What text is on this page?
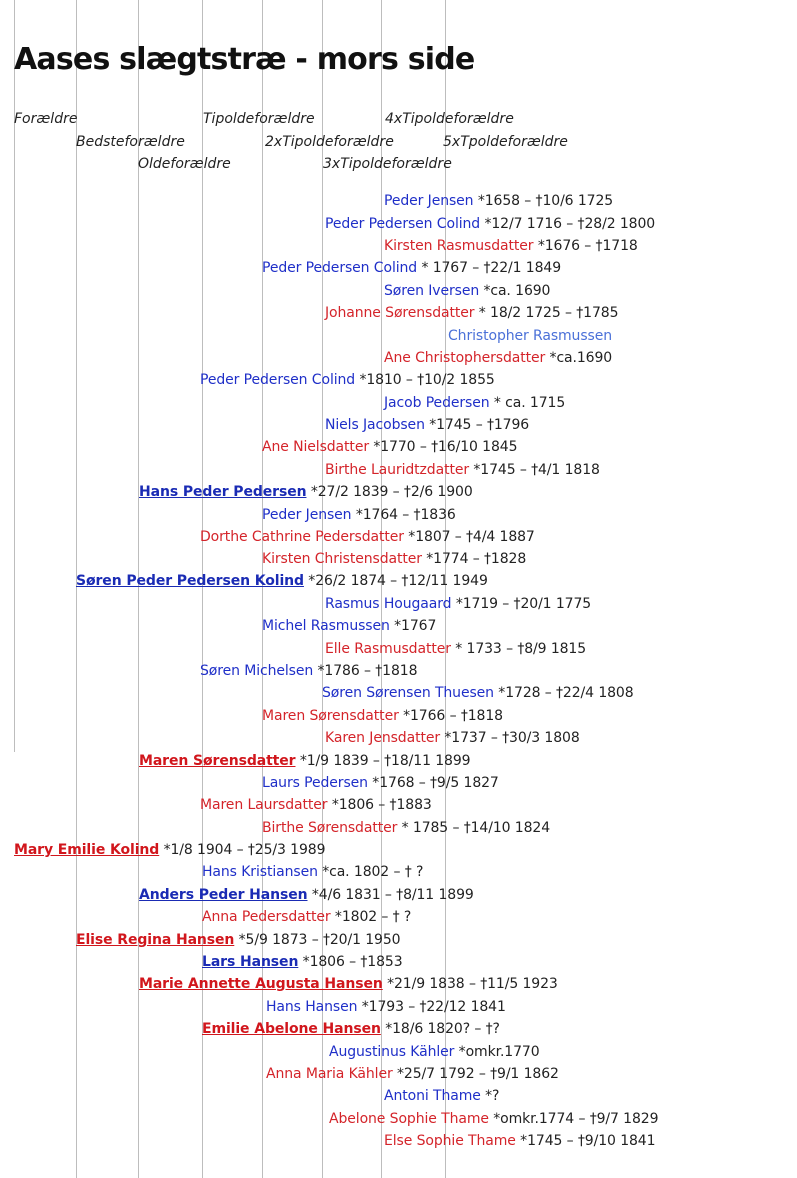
Aases slægtstræ - mors side
Forældre
Bedsteforældre
Oldeforældre
Tipoldeforældre
2xTipoldeforældre
3xTipoldeforældre
4xTipoldeforældre
5xTpoldeforældre
Peder Jensen *1658 – †10/6 1725
Peder Pedersen Colind *12/7 1716 – †28/2 1800
Kirsten Rasmusdatter *1676 – †1718
Peder Pedersen Colind * 1767 – †22/1 1849
Søren Iversen *ca. 1690
Johanne Sørensdatter * 18/2 1725 – †1785
Christopher Rasmussen
Ane Christophersdatter *ca.1690
Peder Pedersen Colind *1810 – †10/2 1855
Jacob Pedersen * ca. 1715
Niels Jacobsen *1745 – †1796
Ane Nielsdatter *1770 – †16/10 1845
Birthe Lauridtzdatter *1745 – †4/1 1818
Hans Peder Pedersen *27/2 1839 – †2/6 1900
Peder Jensen *1764 – †1836
Dorthe Cathrine Pedersdatter *1807 – †4/4 1887
Kirsten Christensdatter *1774 – †1828
Søren Peder Pedersen Kolind *26/2 1874 – †12/11 1949
Rasmus Hougaard *1719 – †20/1 1775
Michel Rasmussen *1767
Elle Rasmusdatter * 1733 – †8/9 1815
Søren Michelsen *1786 – †1818
Søren Sørensen Thuesen *1728 – †22/4 1808
Maren Sørensdatter *1766 – †1818
Karen Jensdatter *1737 – †30/3 1808
Maren Sørensdatter *1/9 1839 – †18/11 1899
Laurs Pedersen *1768 – †9/5 1827
Maren Laursdatter *1806 – †1883
Birthe Sørensdatter * 1785 – †14/10 1824
Mary Emilie Kolind *1/8 1904 – †25/3 1989
Hans Kristiansen *ca. 1802 – † ?
Anders Peder Hansen *4/6 1831 – †8/11 1899
Anna Pedersdatter *1802 – † ?
Elise Regina Hansen *5/9 1873 – †20/1 1950
Lars Hansen *1806 – †1853
Marie Annette Augusta Hansen *21/9 1838 – †11/5 1923
Hans Hansen *1793 – †22/12 1841
Emilie Abelone Hansen *18/6 1820? – †?
Augustinus Kähler *omkr.1770
Anna Maria Kähler *25/7 1792 – †9/1 1862
Antoni Thame *?
Abelone Sophie Thame *omkr.1774 – †9/7 1829
Else Sophie Thame *1745 – †9/10 1841
